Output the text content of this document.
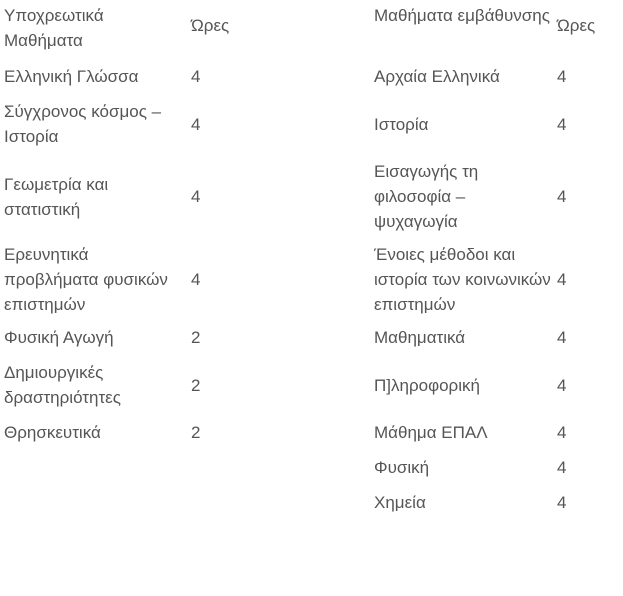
Υποχρεωτικά Μαθήματα	Ώρες	Μαθήματα εμβάθυνσης	Ώρες
Ελληνική Γλώσσα	4	Αρχαία Ελληνικά	4
Σύγχρονος κόσμος – Ιστορία	4	Ιστορία	4
Γεωμετρία και στατιστική	4	Εισαγωγής τη φιλοσοφία – ψυχαγωγία	4
Ερευνητικά προβλήματα φυσικών επιστημών	4	Ένοιες μέθοδοι και ιστορία των κοινωνικών επιστημών	4
Φυσική Αγωγή	2	Μαθηματικά	4
Δημιουργικές δραστηριότητες	2	Π]ληροφορική	4
Θρησκευτικά	2	Μάθημα ΕΠΑΛ	4
		Φυσική	4
		Χημεία	4
